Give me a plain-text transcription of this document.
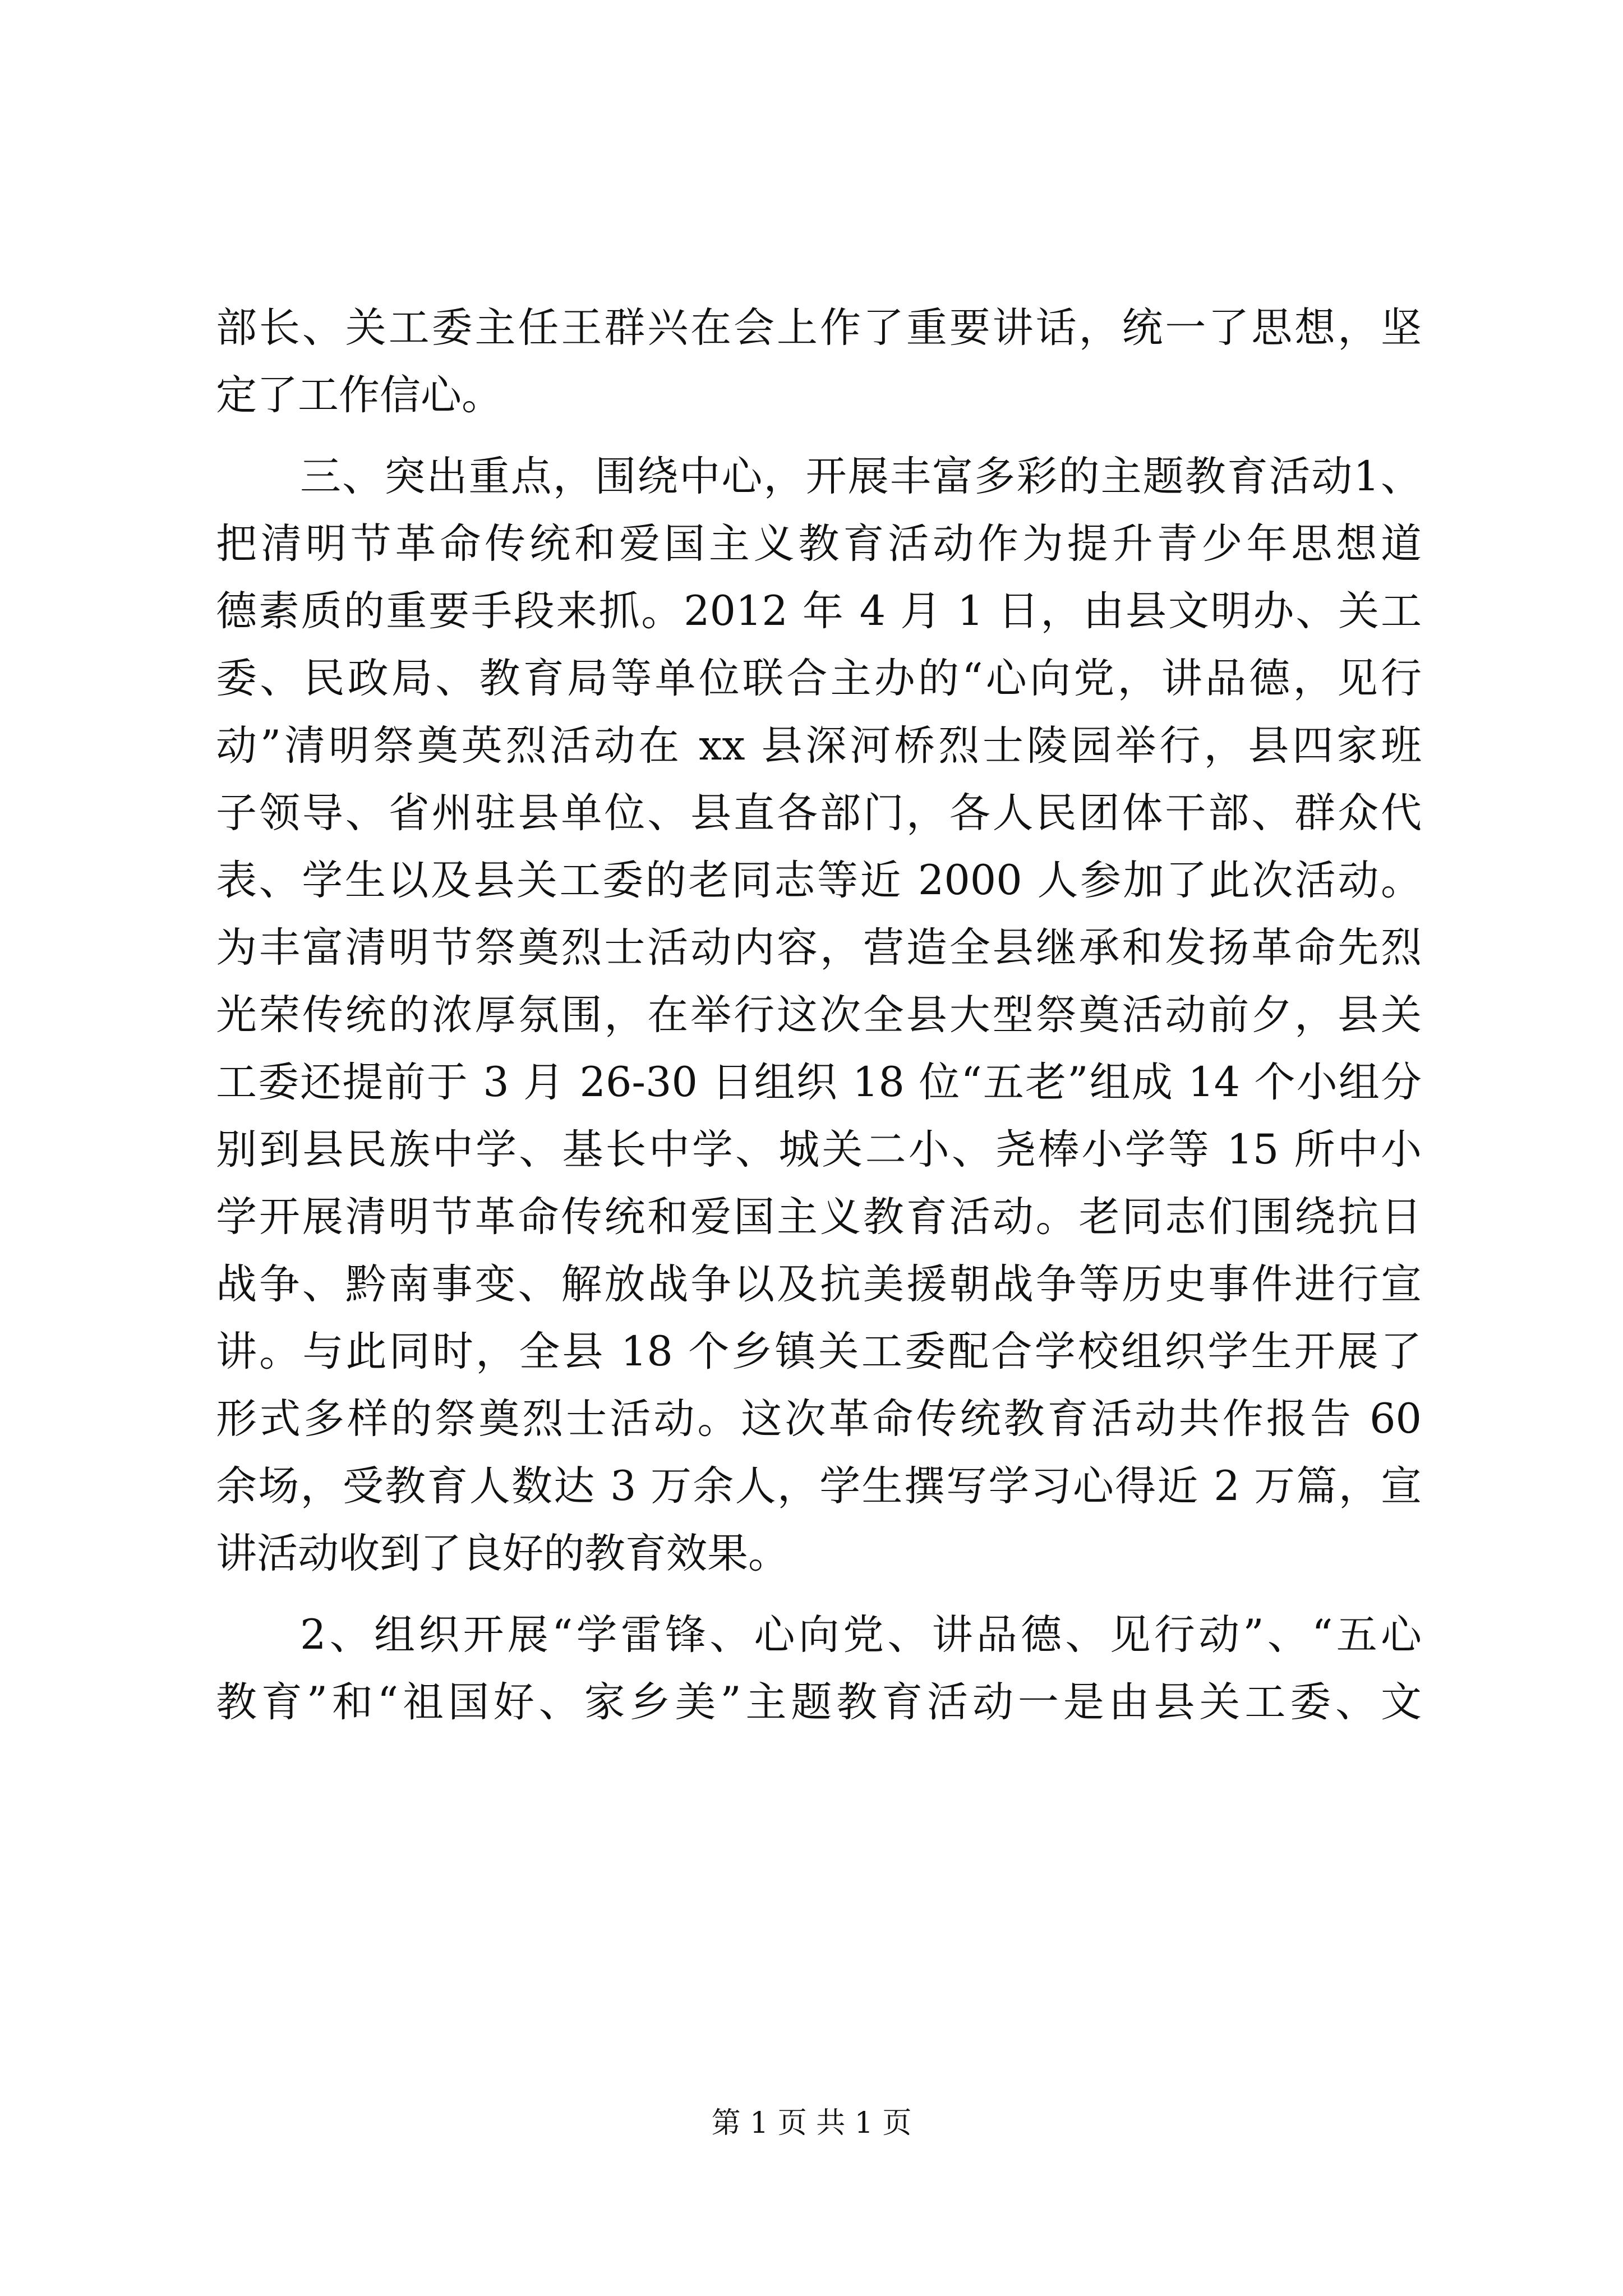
部长、关工委主任王群兴在会上作了重要讲话，统一了思想，坚
定了工作信心。
三、突出重点，围绕中心，开展丰富多彩的主题教育活动1、
把清明节革命传统和爱国主义教育活动作为提升青少年思想道
德素质的重要手段来抓。2012 年 4 月 1 日，由县文明办、关工
委、民政局、教育局等单位联合主办的“心向党，讲品德，见行
动”清明祭奠英烈活动在 xx 县深河桥烈士陵园举行，县四家班
子领导、省州驻县单位、县直各部门，各人民团体干部、群众代
表、学生以及县关工委的老同志等近 2000 人参加了此次活动。
为丰富清明节祭奠烈士活动内容，营造全县继承和发扬革命先烈
光荣传统的浓厚氛围，在举行这次全县大型祭奠活动前夕，县关
工委还提前于 3 月 26-30 日组织 18 位“五老”组成 14 个小组分
别到县民族中学、基长中学、城关二小、尧棒小学等 15 所中小
学开展清明节革命传统和爱国主义教育活动。老同志们围绕抗日
战争、黔南事变、解放战争以及抗美援朝战争等历史事件进行宣
讲。与此同时，全县 18 个乡镇关工委配合学校组织学生开展了
形式多样的祭奠烈士活动。这次革命传统教育活动共作报告 60
余场，受教育人数达 3 万余人，学生撰写学习心得近 2 万篇，宣
讲活动收到了良好的教育效果。
2、组织开展“学雷锋、心向党、讲品德、见行动”、“五心
教育”和“祖国好、家乡美”主题教育活动一是由县关工委、文
第 1 页 共 1 页
